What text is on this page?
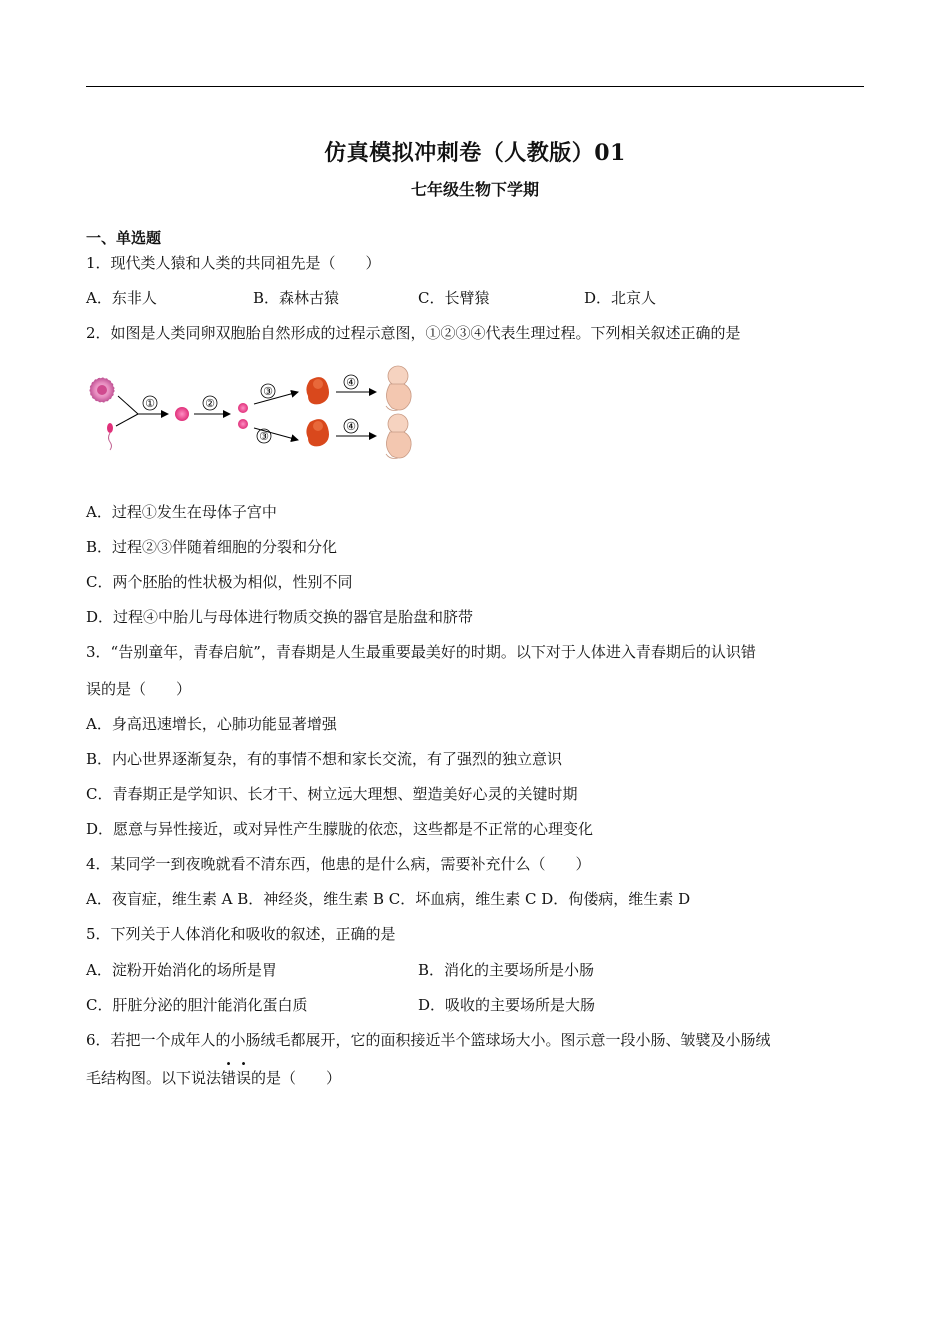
仿真模拟冲刺卷（人教版）01
七年级生物下学期
一、单选题
1．现代类人猿和人类的共同祖先是（　　）
A．东非人	B．森林古猿	C．长臂猿	D．北京人
2．如图是人类同卵双胞胎自然形成的过程示意图，①②③④代表生理过程。下列相关叙述正确的是
①	②
③
③
④
④
A．过程①发生在母体子宫中
B．过程②③伴随着细胞的分裂和分化
C．两个胚胎的性状极为相似，性别不同
D．过程④中胎儿与母体进行物质交换的器官是胎盘和脐带
3．“告别童年，青春启航”，青春期是人生最重要最美好的时期。以下对于人体进入青春期后的认识错
误的是（　　）
A．身高迅速增长，心肺功能显著增强
B．内心世界逐渐复杂，有的事情不想和家长交流，有了强烈的独立意识
C．青春期正是学知识、长才干、树立远大理想、塑造美好心灵的关键时期
D．愿意与异性接近，或对异性产生朦胧的依恋，这些都是不正常的心理变化
4．某同学一到夜晚就看不清东西，他患的是什么病，需要补充什么（　　）
A．夜盲症，维生素 A B．神经炎，维生素 B C．坏血病，维生素 C D．佝偻病，维生素 D
5．下列关于人体消化和吸收的叙述，正确的是
A．淀粉开始消化的场所是胃	B．消化的主要场所是小肠
C．肝脏分泌的胆汁能消化蛋白质	D．吸收的主要场所是大肠
6．若把一个成年人的小肠绒毛都展开，它的面积接近半个篮球场大小。图示意一段小肠、皱襞及小肠绒
毛结构图。以下说法错误的是（　　）
